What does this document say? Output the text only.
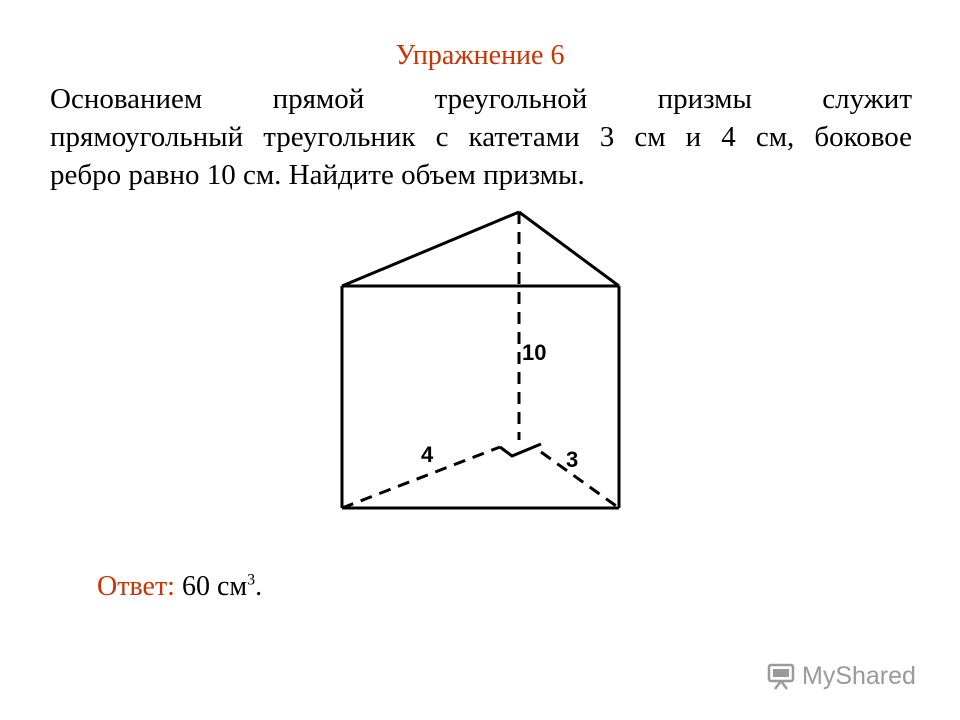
Упражнение 6
Основанием прямой треугольной призмы служит
прямоугольный треугольник с катетами 3 см и 4 см, боковое
ребро равно 10 см. Найдите объем призмы.
10
4	3
Ответ: 60 $см^3$.
MyShared
